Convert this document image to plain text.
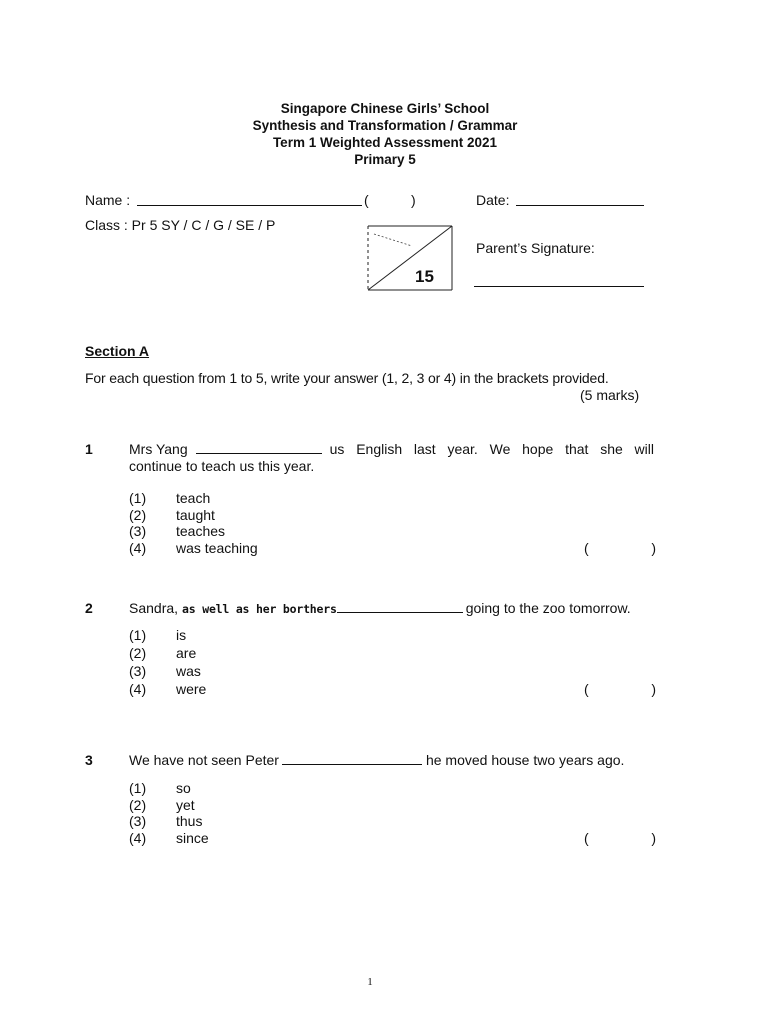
Singapore Chinese Girls’ School
Synthesis and Transformation / Grammar
Term 1 Weighted Assessment 2021
Primary 5
Name :	(	)	Date:
Class : Pr 5 SY / C / G / SE / P
15
Parent’s Signature:
Section A
For each question from 1 to 5, write your answer (1, 2, 3 or 4) in the brackets provided.
(5 marks)
1	Mrs Yang	us English last year. We hope that she will
continue to teach us this year.
(1) teach
(2) taught
(3) teaches
(4) was teaching	(	)
2	Sandra, as well as her borthers	going to the zoo tomorrow.
(1) is
(2) are
(3) was
(4) were	(	)
3	We have not seen Peter	he moved house two years ago.
(1) so
(2) yet
(3) thus
(4) since	(	)
1
